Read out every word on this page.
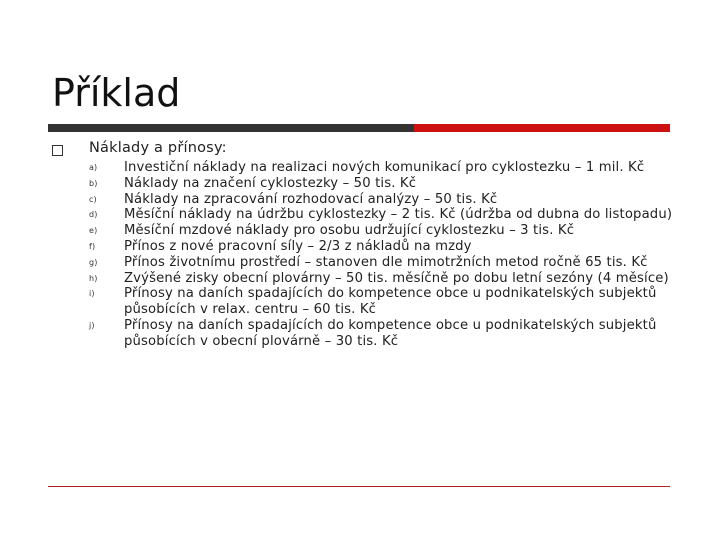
Příklad
Náklady a přínosy:
a) Investiční náklady na realizaci nových komunikací pro cyklostezku – 1 mil. Kč
b) Náklady na značení cyklostezky – 50 tis. Kč
c) Náklady na zpracování rozhodovací analýzy – 50 tis. Kč
d) Měsíční náklady na údržbu cyklostezky – 2 tis. Kč (údržba od dubna do listopadu)
e) Měsíční mzdové náklady pro osobu udržující cyklostezku – 3 tis. Kč
f) Přínos z nové pracovní síly – 2/3 z nákladů na mzdy
g) Přínos životnímu prostředí – stanoven dle mimotržních metod ročně 65 tis. Kč
h) Zvýšené zisky obecní plovárny – 50 tis. měsíčně po dobu letní sezóny (4 měsíce)
i) Přínosy na daních spadajících do kompetence obce u podnikatelských subjektů působících v relax. centru – 60 tis. Kč
j) Přínosy na daních spadajících do kompetence obce u podnikatelských subjektů působících v obecní plovárně – 30 tis. Kč
